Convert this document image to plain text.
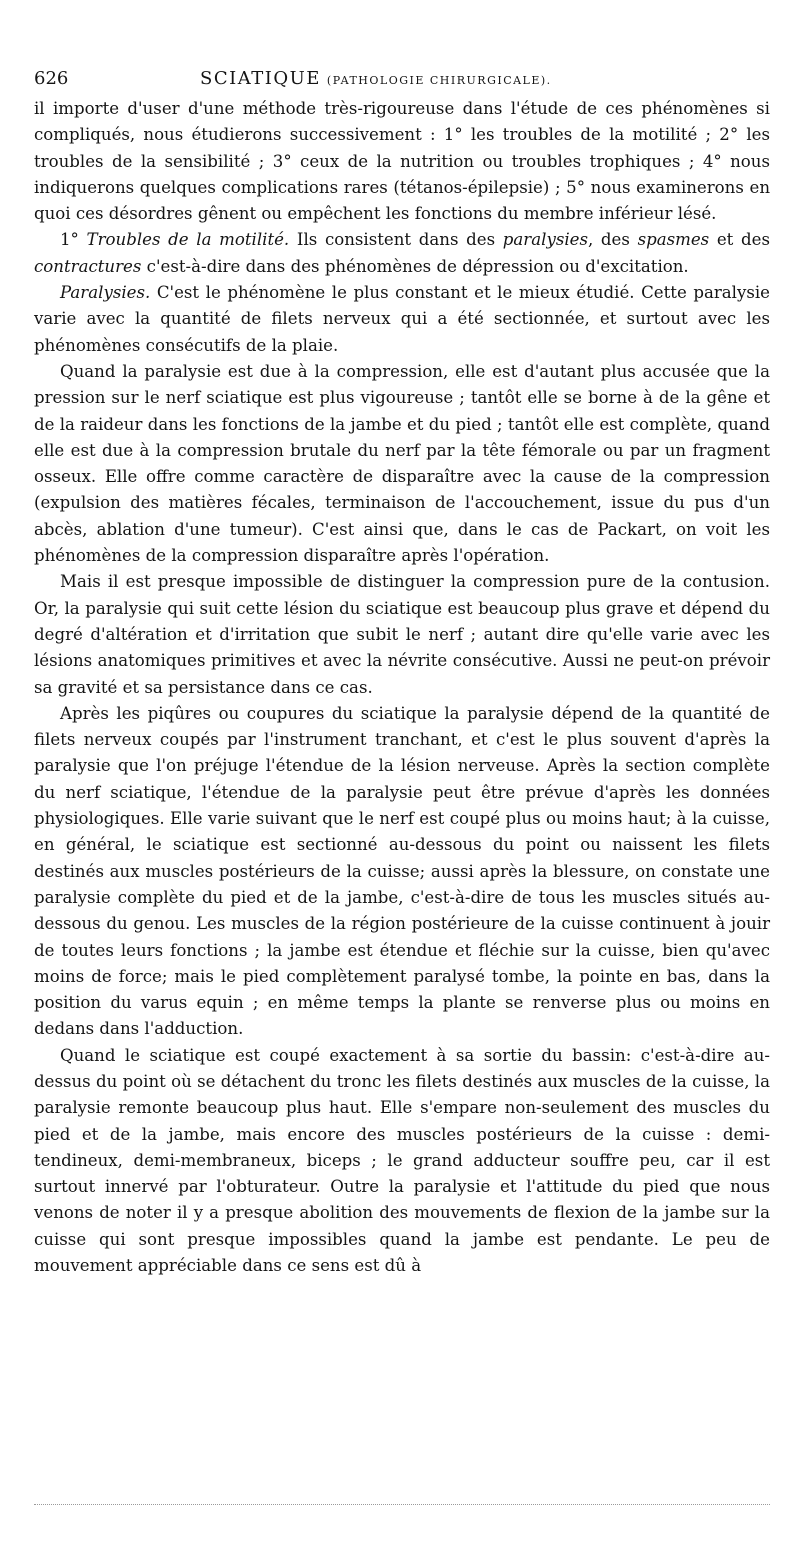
626	SCIATIQUE (PATHOLOGIE CHIRURGICALE).

il importe d'user d'une méthode très-rigoureuse dans l'étude de ces phénomènes si compliqués, nous étudierons successivement : 1° les troubles de la motilité ; 2° les troubles de la sensibilité ; 3° ceux de la nutrition ou troubles trophiques ; 4° nous indiquerons quelques complications rares (tétanos-épilepsie) ; 5° nous examinerons en quoi ces désordres gênent ou empêchent les fonctions du membre inférieur lésé.

1° Troubles de la motilité. Ils consistent dans des paralysies, des spasmes et des contractures c'est-à-dire dans des phénomènes de dépression ou d'excitation.

Paralysies. C'est le phénomène le plus constant et le mieux étudié. Cette paralysie varie avec la quantité de filets nerveux qui a été sectionnée, et surtout avec les phénomènes consécutifs de la plaie.

Quand la paralysie est due à la compression, elle est d'autant plus accusée que la pression sur le nerf sciatique est plus vigoureuse ; tantôt elle se borne à de la gêne et de la raideur dans les fonctions de la jambe et du pied ; tantôt elle est complète, quand elle est due à la compression brutale du nerf par la tête fémorale ou par un fragment osseux. Elle offre comme caractère de disparaître avec la cause de la compression (expulsion des matières fécales, terminaison de l'accouchement, issue du pus d'un abcès, ablation d'une tumeur). C'est ainsi que, dans le cas de Packart, on voit les phénomènes de la compression disparaître après l'opération.

Mais il est presque impossible de distinguer la compression pure de la contusion. Or, la paralysie qui suit cette lésion du sciatique est beaucoup plus grave et dépend du degré d'altération et d'irritation que subit le nerf ; autant dire qu'elle varie avec les lésions anatomiques primitives et avec la névrite consécutive. Aussi ne peut-on prévoir sa gravité et sa persistance dans ce cas.

Après les piqûres ou coupures du sciatique la paralysie dépend de la quantité de filets nerveux coupés par l'instrument tranchant, et c'est le plus souvent d'après la paralysie que l'on préjuge l'étendue de la lésion nerveuse. Après la section complète du nerf sciatique, l'étendue de la paralysie peut être prévue d'après les données physiologiques. Elle varie suivant que le nerf est coupé plus ou moins haut; à la cuisse, en général, le sciatique est sectionné au-dessous du point ou naissent les filets destinés aux muscles postérieurs de la cuisse; aussi après la blessure, on constate une paralysie complète du pied et de la jambe, c'est-à-dire de tous les muscles situés au-dessous du genou. Les muscles de la région postérieure de la cuisse continuent à jouir de toutes leurs fonctions ; la jambe est étendue et fléchie sur la cuisse, bien qu'avec moins de force; mais le pied complètement paralysé tombe, la pointe en bas, dans la position du varus equin ; en même temps la plante se renverse plus ou moins en dedans dans l'adduction.

Quand le sciatique est coupé exactement à sa sortie du bassin: c'est-à-dire au-dessus du point où se détachent du tronc les filets destinés aux muscles de la cuisse, la paralysie remonte beaucoup plus haut. Elle s'empare non-seulement des muscles du pied et de la jambe, mais encore des muscles postérieurs de la cuisse : demi-tendineux, demi-membraneux, biceps ; le grand adducteur souffre peu, car il est surtout innervé par l'obturateur. Outre la paralysie et l'attitude du pied que nous venons de noter il y a presque abolition des mouvements de flexion de la jambe sur la cuisse qui sont presque impossibles quand la jambe est pendante. Le peu de mouvement appréciable dans ce sens est dû à
